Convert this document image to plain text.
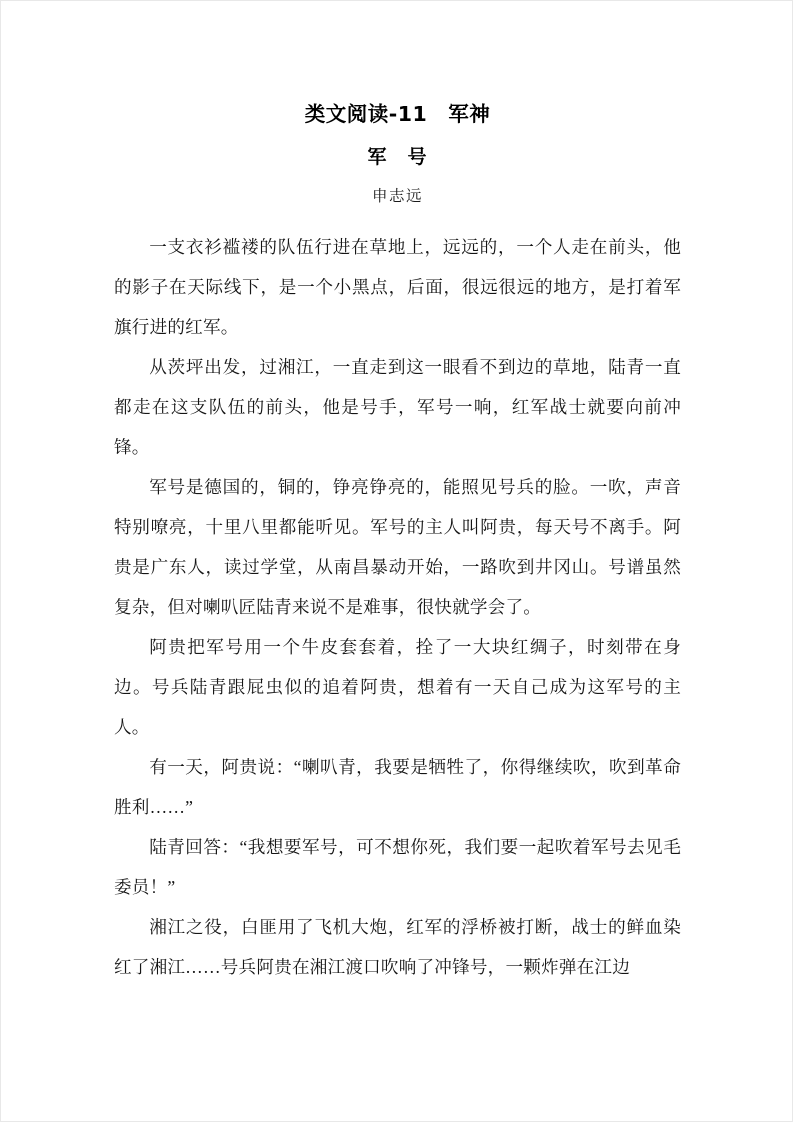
类文阅读-11　军神
军　号

申志远

一支衣衫褴褛的队伍行进在草地上，远远的，一个人走在前头，他的影子在天际线下，是一个小黑点，后面，很远很远的地方，是打着军旗行进的红军。

从茨坪出发，过湘江，一直走到这一眼看不到边的草地，陆青一直都走在这支队伍的前头，他是号手，军号一响，红军战士就要向前冲锋。

军号是德国的，铜的，铮亮铮亮的，能照见号兵的脸。一吹，声音特别嘹亮，十里八里都能听见。军号的主人叫阿贵，每天号不离手。阿贵是广东人，读过学堂，从南昌暴动开始，一路吹到井冈山。号谱虽然复杂，但对喇叭匠陆青来说不是难事，很快就学会了。

阿贵把军号用一个牛皮套套着，拴了一大块红绸子，时刻带在身边。号兵陆青跟屁虫似的追着阿贵，想着有一天自己成为这军号的主人。

有一天，阿贵说：“喇叭青，我要是牺牲了，你得继续吹，吹到革命胜利……”

陆青回答：“我想要军号，可不想你死，我们要一起吹着军号去见毛委员！”

湘江之役，白匪用了飞机大炮，红军的浮桥被打断，战士的鲜血染红了湘江……号兵阿贵在湘江渡口吹响了冲锋号，一颗炸弹在江边
